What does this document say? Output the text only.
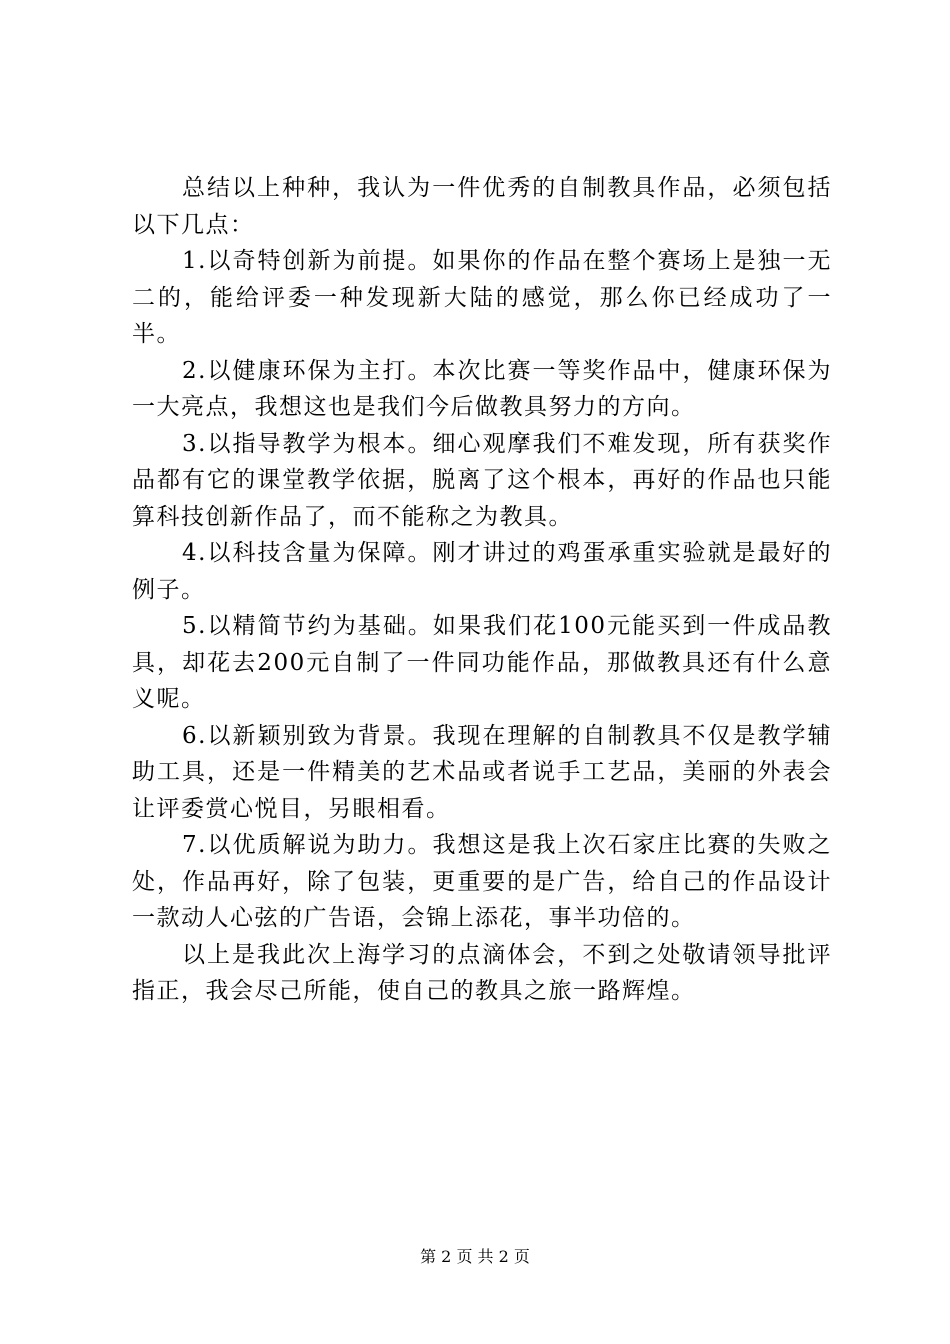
总结以上种种，我认为一件优秀的自制教具作品，必须包括以下几点：

1.以奇特创新为前提。如果你的作品在整个赛场上是独一无二的，能给评委一种发现新大陆的感觉，那么你已经成功了一半。

2.以健康环保为主打。本次比赛一等奖作品中，健康环保为一大亮点，我想这也是我们今后做教具努力的方向。

3.以指导教学为根本。细心观摩我们不难发现，所有获奖作品都有它的课堂教学依据，脱离了这个根本，再好的作品也只能算科技创新作品了，而不能称之为教具。

4.以科技含量为保障。刚才讲过的鸡蛋承重实验就是最好的例子。

5.以精简节约为基础。如果我们花100元能买到一件成品教具，却花去200元自制了一件同功能作品，那做教具还有什么意义呢。

6.以新颖别致为背景。我现在理解的自制教具不仅是教学辅助工具，还是一件精美的艺术品或者说手工艺品，美丽的外表会让评委赏心悦目，另眼相看。

7.以优质解说为助力。我想这是我上次石家庄比赛的失败之处，作品再好，除了包装，更重要的是广告，给自己的作品设计一款动人心弦的广告语，会锦上添花，事半功倍的。

以上是我此次上海学习的点滴体会，不到之处敬请领导批评指正，我会尽己所能，使自己的教具之旅一路辉煌。

第 2 页 共 2 页
